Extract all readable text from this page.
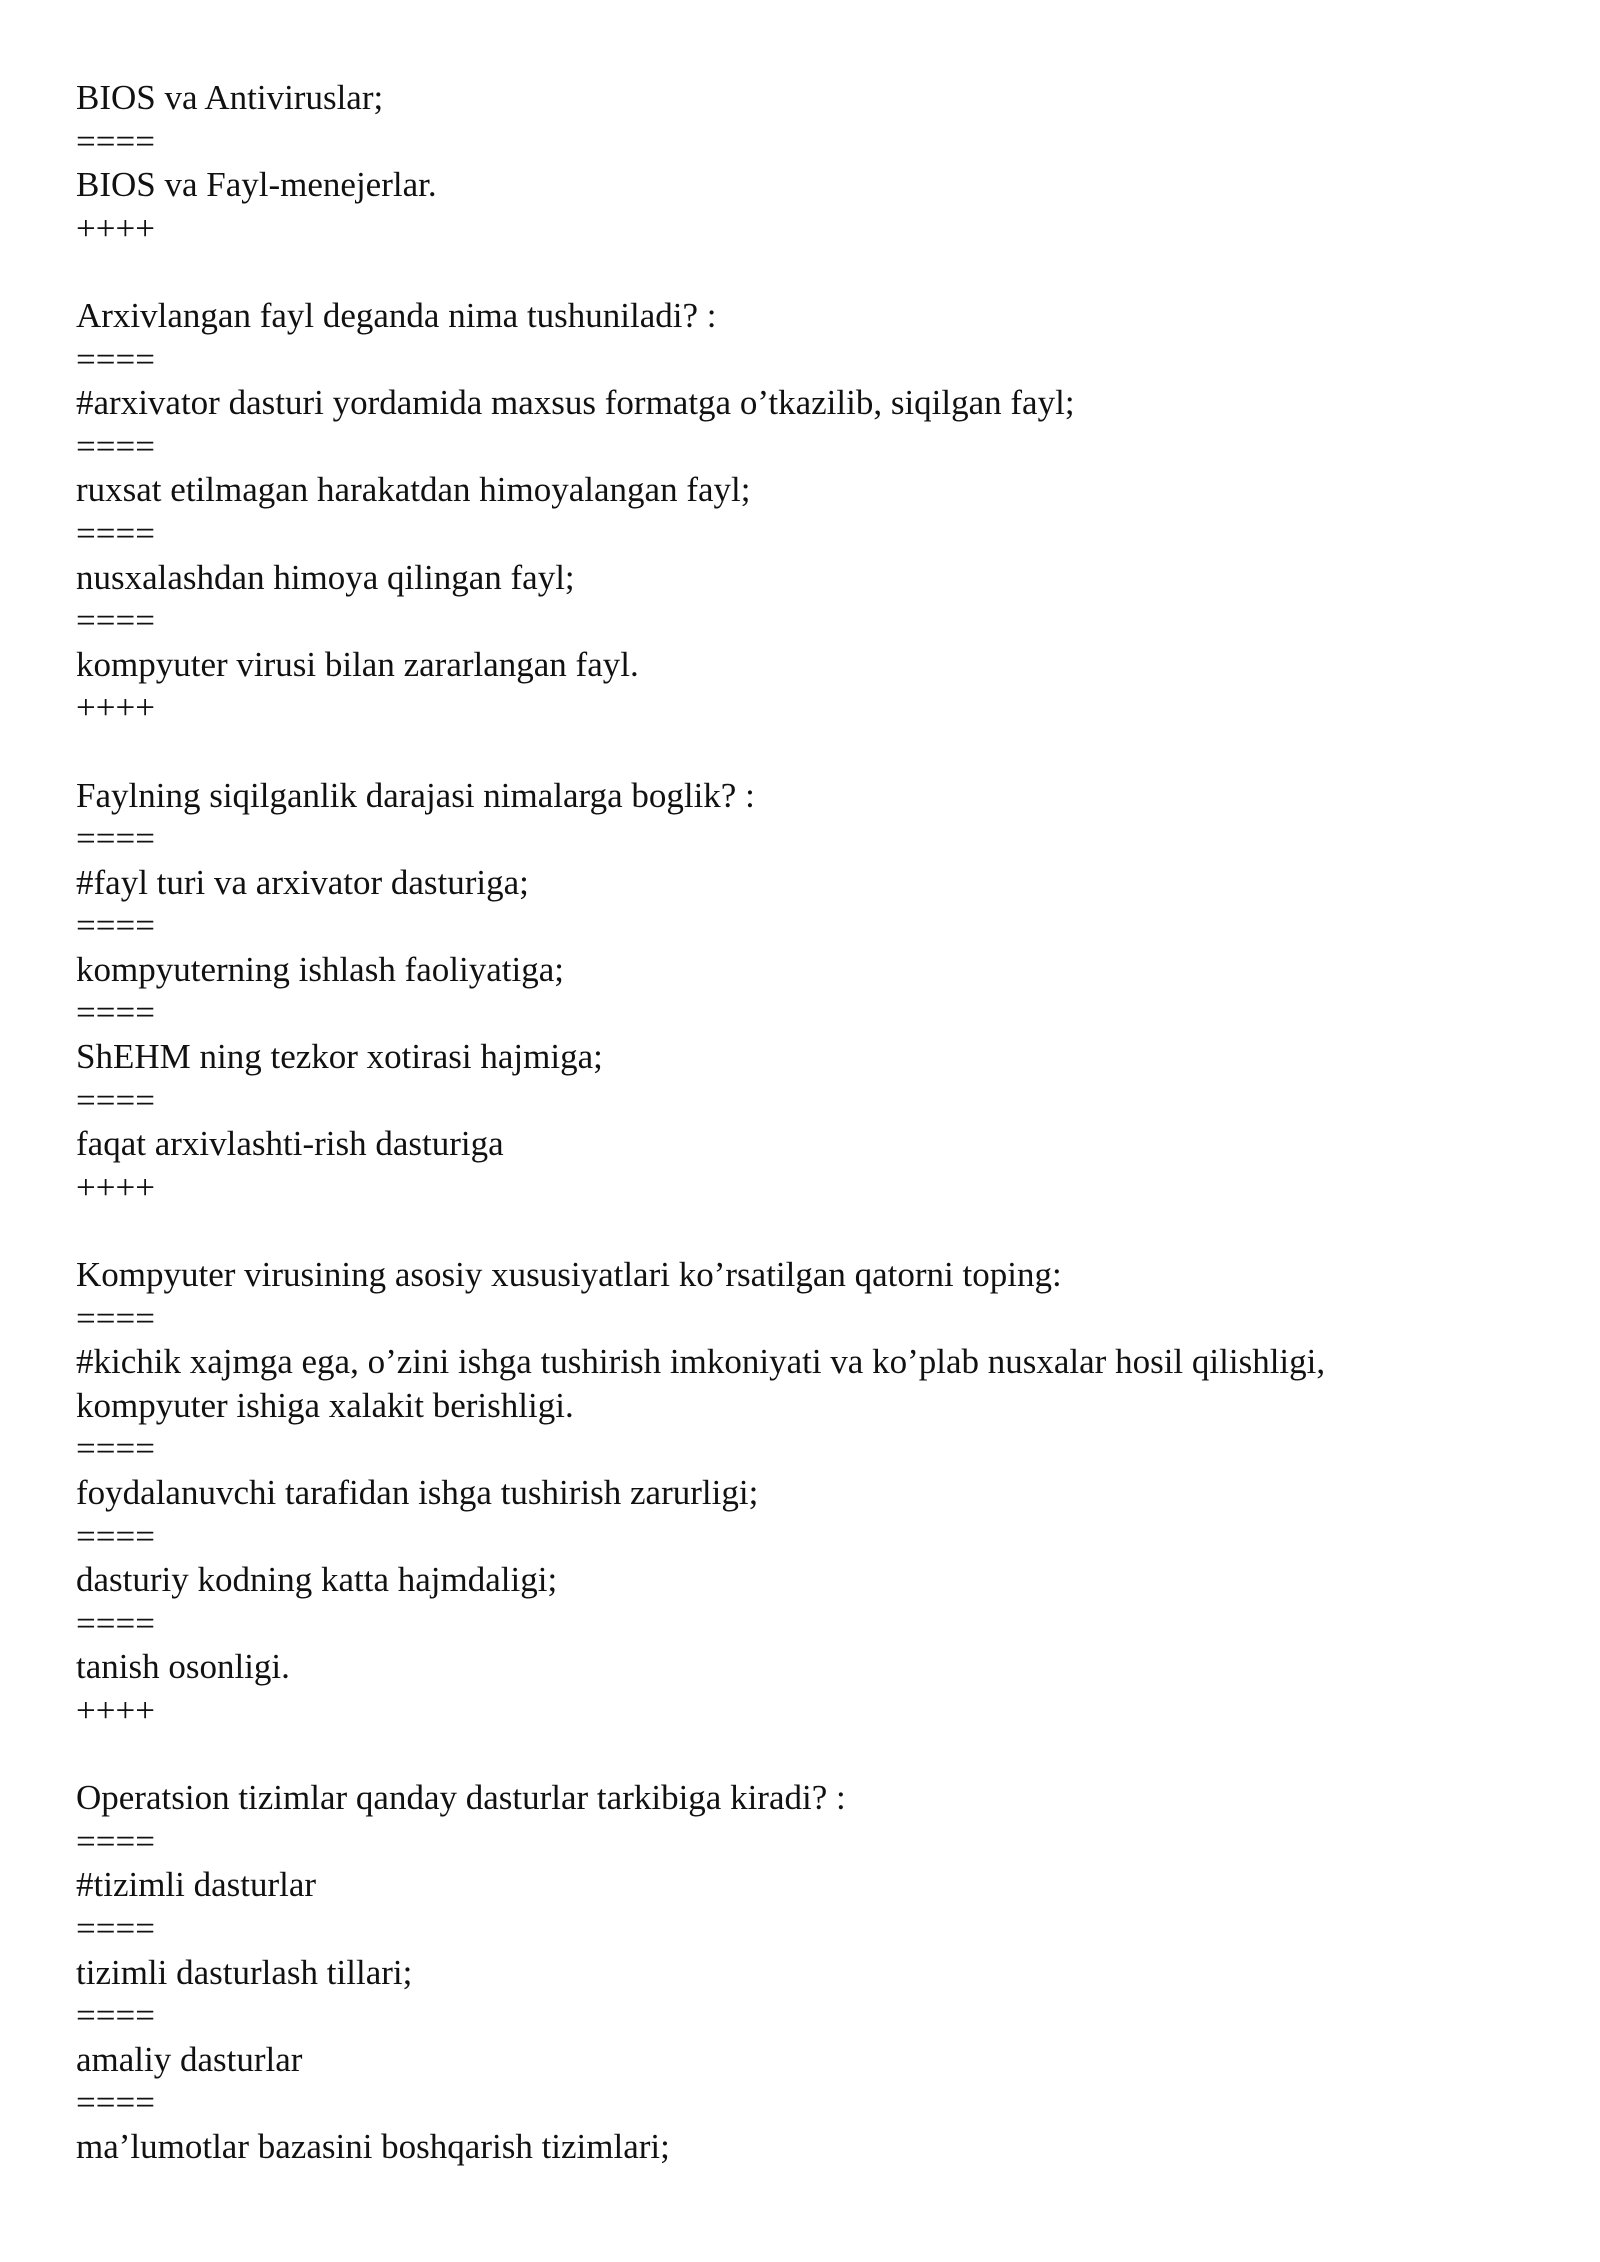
BIOS va Antiviruslar;
====
BIOS va Fayl-menejerlar.
++++
Arxivlangan fayl deganda nima tushuniladi? :
====
#arxivator dasturi yordamida maxsus formatga o’tkazilib, siqilgan fayl;
====
ruxsat etilmagan harakatdan himoyalangan fayl;
====
nusxalashdan himoya qilingan fayl;
====
kompyuter virusi bilan zararlangan fayl.
++++
Faylning siqilganlik darajasi nimalarga boglik? :
====
#fayl turi va arxivator dasturiga;
====
kompyuterning ishlash faoliyatiga;
====
ShEHM ning tezkor xotirasi hajmiga;
====
faqat arxivlashti-rish dasturiga
++++
Kompyuter virusining asosiy xususiyatlari ko’rsatilgan qatorni toping:
====
#kichik xajmga ega, o’zini ishga tushirish imkoniyati va ko’plab nusxalar hosil qilishligi, kompyuter ishiga xalakit berishligi.
====
foydalanuvchi tarafidan ishga tushirish zarurligi;
====
dasturiy kodning katta hajmdaligi;
====
tanish osonligi.
++++
Operatsion tizimlar qanday dasturlar tarkibiga kiradi? :
====
#tizimli dasturlar
====
tizimli dasturlash tillari;
====
amaliy dasturlar
====
ma’lumotlar bazasini boshqarish tizimlari;
